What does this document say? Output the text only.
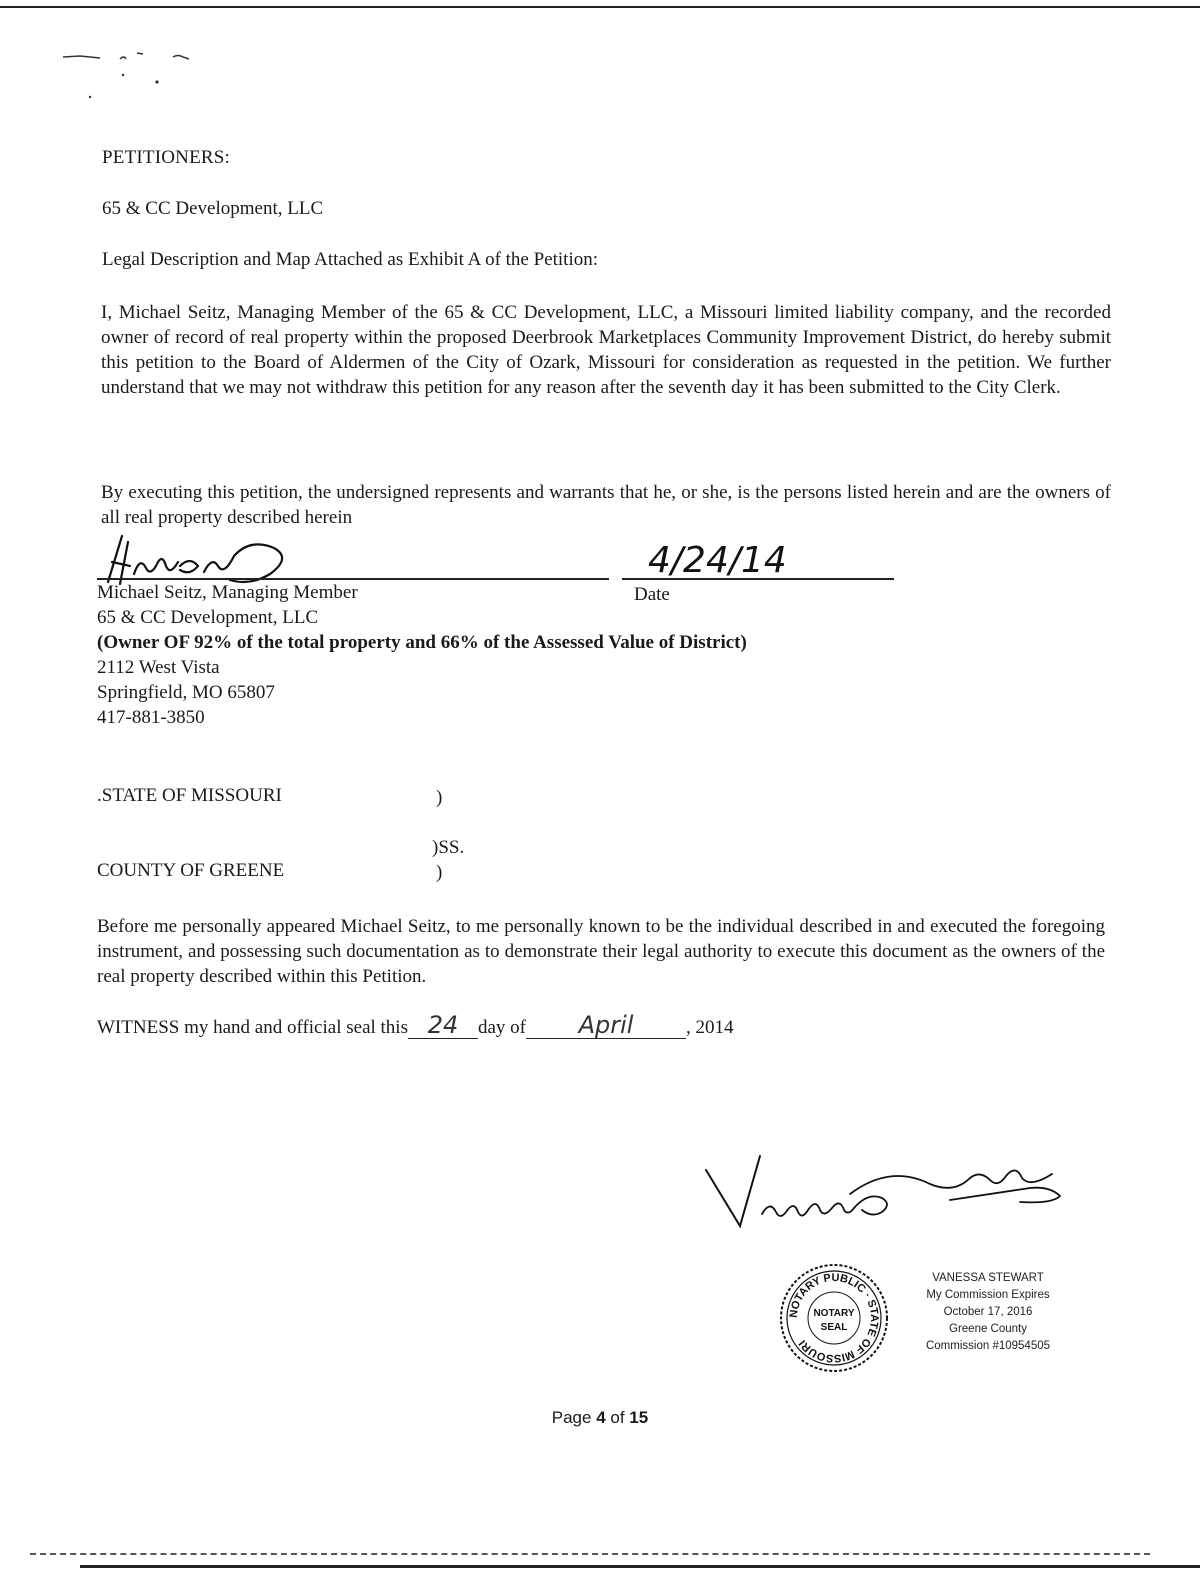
PETITIONERS:
65 & CC Development, LLC
Legal Description and Map Attached as Exhibit A of the Petition:
I, Michael Seitz, Managing Member of the 65 & CC Development, LLC, a Missouri limited liability company, and the recorded owner of record of real property within the proposed Deerbrook Marketplaces Community Improvement District, do hereby submit this petition to the Board of Aldermen of the City of Ozark, Missouri for consideration as requested in the petition. We further understand that we may not withdraw this petition for any reason after the seventh day it has been submitted to the City Clerk.
By executing this petition, the undersigned represents and warrants that he, or she, is the persons listed herein and are the owners of all real property described herein
4/24/14
Michael Seitz, Managing Member	Date
65 & CC Development, LLC
(Owner OF 92% of the total property and 66% of the Assessed Value of District)
2112 West Vista
Springfield, MO 65807
417-881-3850
.STATE OF MISSOURI	)
)SS.
COUNTY OF GREENE	)
Before me personally appeared Michael Seitz, to me personally known to be the individual described in and executed the foregoing instrument, and possessing such documentation as to demonstrate their legal authority to execute this document as the owners of the real property described within this Petition.
WITNESS my hand and official seal this 24 day of April	, 2014
NOTARY PUBLIC · STATE OF MISSOURI
NOTARY
SEAL
VANESSA STEWART
My Commission Expires
October 17, 2016
Greene County
Commission #10954505
Page 4 of 15
